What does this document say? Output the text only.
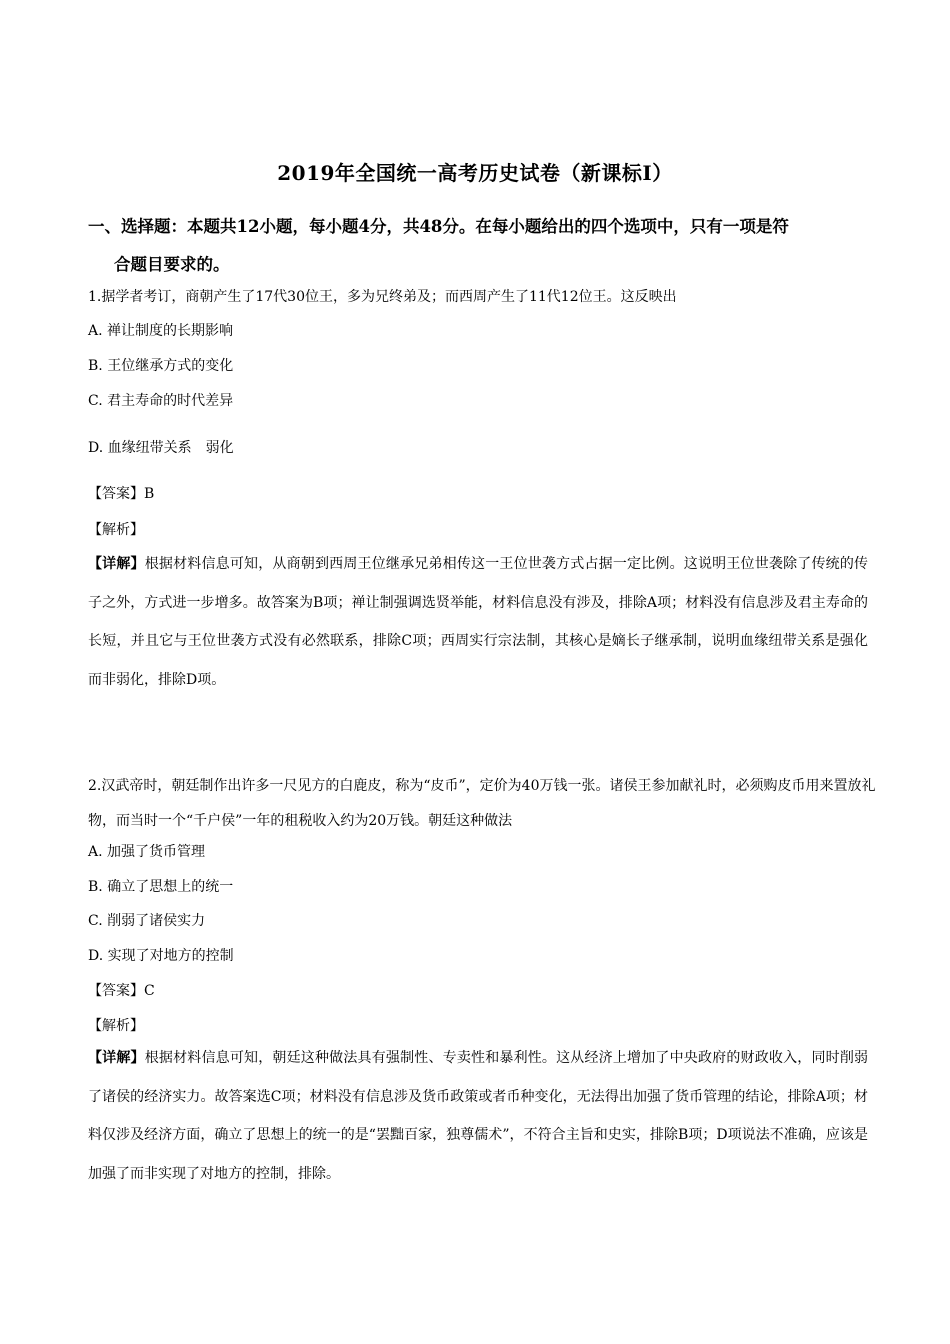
2019年全国统一高考历史试卷（新课标Ⅰ）
一、选择题：本题共12小题，每小题4分，共48分。在每小题给出的四个选项中，只有一项是符
合题目要求的。
1.据学者考订，商朝产生了17代30位王，多为兄终弟及；而西周产生了11代12位王。这反映出
A. 禅让制度的长期影响
B. 王位继承方式的变化
C. 君主寿命的时代差异
D. 血缘纽带关系　弱化
【答案】B
【解析】
【详解】根据材料信息可知，从商朝到西周王位继承兄弟相传这一王位世袭方式占据一定比例。这说明王位世袭除了传统的传子之外，方式进一步增多。故答案为B项；禅让制强调选贤举能，材料信息没有涉及，排除A项；材料没有信息涉及君主寿命的长短，并且它与王位世袭方式没有必然联系，排除C项；西周实行宗法制，其核心是嫡长子继承制，说明血缘纽带关系是强化而非弱化，排除D项。
2.汉武帝时，朝廷制作出许多一尺见方的白鹿皮，称为“皮币”，定价为40万钱一张。诸侯王参加献礼时，必须购皮币用来置放礼物，而当时一个“千户侯”一年的租税收入约为20万钱。朝廷这种做法
A. 加强了货币管理
B. 确立了思想上的统一
C. 削弱了诸侯实力
D. 实现了对地方的控制
【答案】C
【解析】
【详解】根据材料信息可知，朝廷这种做法具有强制性、专卖性和暴利性。这从经济上增加了中央政府的财政收入，同时削弱了诸侯的经济实力。故答案选C项；材料没有信息涉及货币政策或者币种变化，无法得出加强了货币管理的结论，排除A项；材料仅涉及经济方面，确立了思想上的统一的是“罢黜百家，独尊儒术”，不符合主旨和史实，排除B项；D项说法不准确，应该是加强了而非实现了对地方的控制，排除。
